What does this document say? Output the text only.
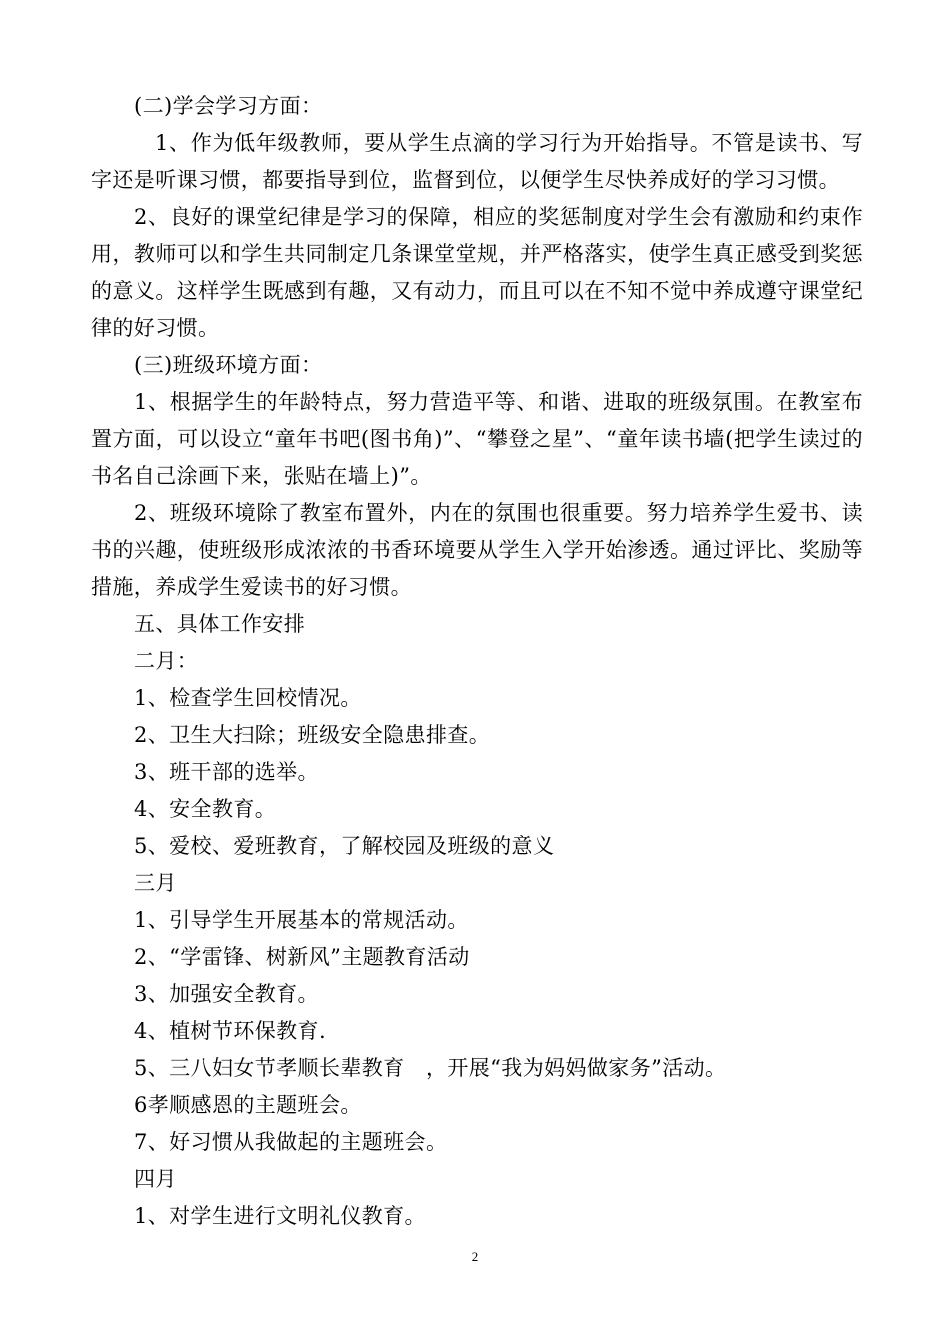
(二)学会学习方面：

1、作为低年级教师，要从学生点滴的学习行为开始指导。不管是读书、写字还是听课习惯，都要指导到位，监督到位，以便学生尽快养成好的学习习惯。

2、良好的课堂纪律是学习的保障，相应的奖惩制度对学生会有激励和约束作用，教师可以和学生共同制定几条课堂堂规，并严格落实，使学生真正感受到奖惩的意义。这样学生既感到有趣，又有动力，而且可以在不知不觉中养成遵守课堂纪律的好习惯。

(三)班级环境方面：

1、根据学生的年龄特点，努力营造平等、和谐、进取的班级氛围。在教室布置方面，可以设立“童年书吧(图书角)”、“攀登之星”、“童年读书墙(把学生读过的书名自己涂画下来，张贴在墙上)”。

2、班级环境除了教室布置外，内在的氛围也很重要。努力培养学生爱书、读书的兴趣，使班级形成浓浓的书香环境要从学生入学开始渗透。通过评比、奖励等措施，养成学生爱读书的好习惯。

五、具体工作安排

二月：

1、检查学生回校情况。

2、卫生大扫除；班级安全隐患排查。

3、班干部的选举。

4、安全教育。

5、爱校、爱班教育，了解校园及班级的意义

三月

1、引导学生开展基本的常规活动。

2、“学雷锋、树新风”主题教育活动

3、加强安全教育。

4、植树节环保教育.

5、三八妇女节孝顺长辈教育　，开展“我为妈妈做家务”活动。

6孝顺感恩的主题班会。

7、好习惯从我做起的主题班会。

四月

1、对学生进行文明礼仪教育。

2
